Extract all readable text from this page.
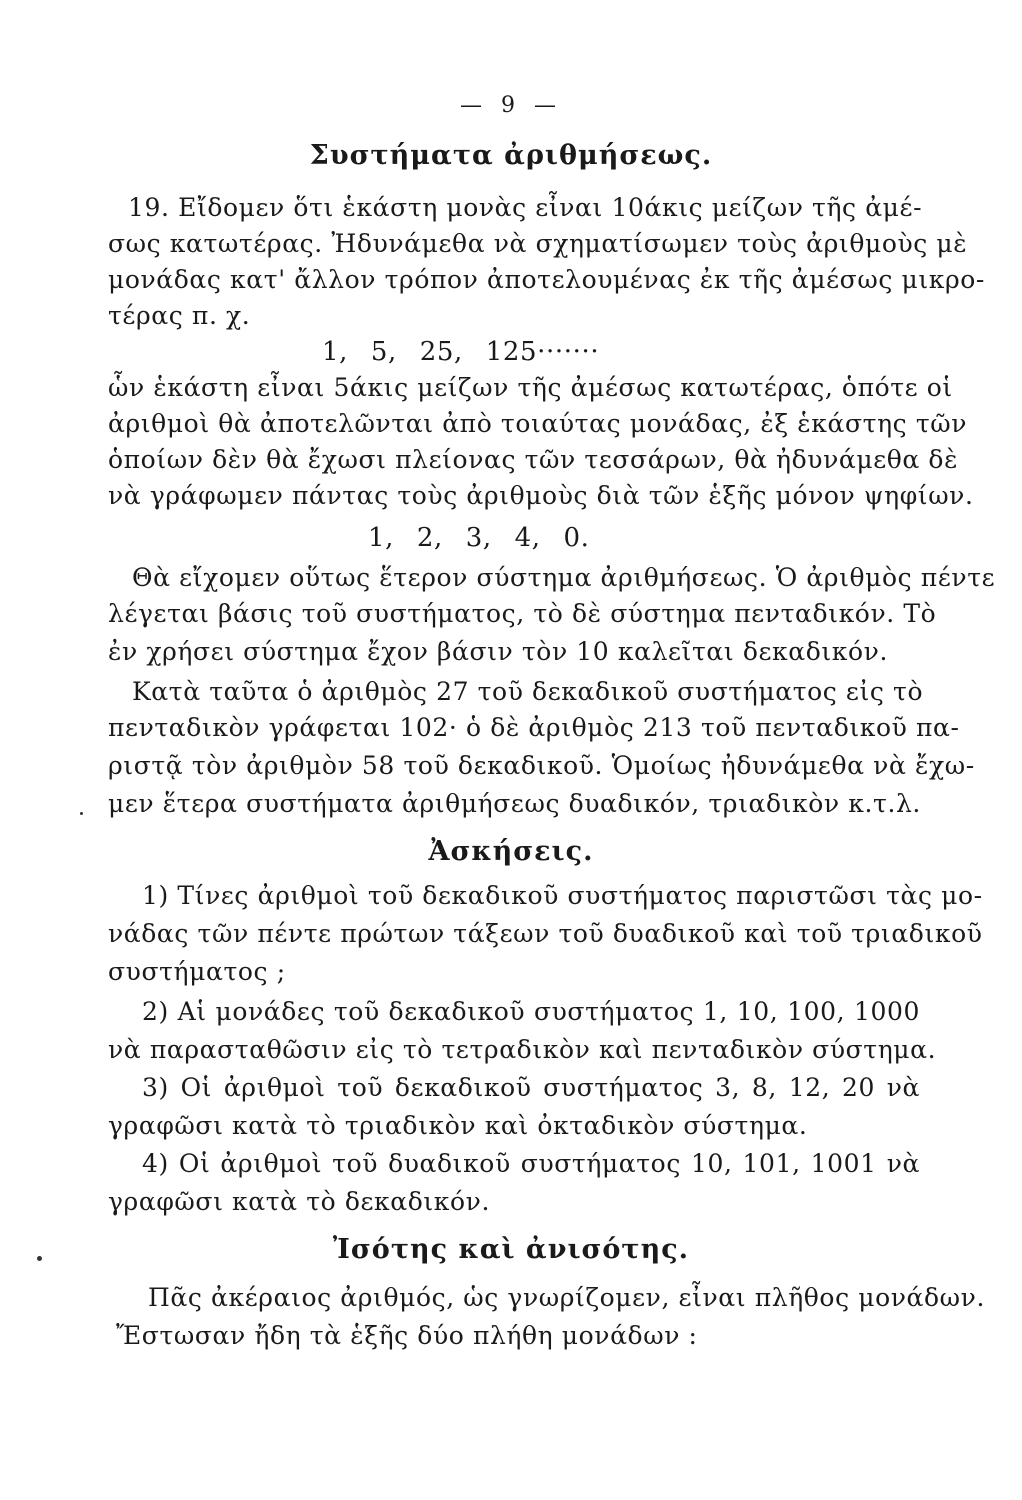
— 9 —
Συστήματα ἀριθμήσεως.
19. Εἴδομεν ὅτι ἑκάστη μονὰς εἶναι 10άκις μείζων τῆς ἀμέ-
σως κατωτέρας. Ἠδυνάμεθα νὰ σχηματίσωμεν τοὺς ἀριθμοὺς μὲ
μονάδας κατ' ἄλλον τρόπον ἀποτελουμένας ἐκ τῆς ἀμέσως μικρο-
τέρας π. χ.
1, 5, 25, 125·······
ὧν ἑκάστη εἶναι 5άκις μείζων τῆς ἀμέσως κατωτέρας, ὁπότε οἱ
ἀριθμοὶ θὰ ἀποτελῶνται ἀπὸ τοιαύτας μονάδας, ἐξ ἑκάστης τῶν
ὁποίων δὲν θὰ ἔχωσι πλείονας τῶν τεσσάρων, θὰ ἠδυνάμεθα δὲ
νὰ γράφωμεν πάντας τοὺς ἀριθμοὺς διὰ τῶν ἑξῆς μόνον ψηφίων.
1, 2, 3, 4, 0.
Θὰ εἴχομεν οὕτως ἕτερον σύστημα ἀριθμήσεως. Ὁ ἀριθμὸς πέντε
λέγεται βάσις τοῦ συστήματος, τὸ δὲ σύστημα πενταδικόν. Τὸ
ἐν χρήσει σύστημα ἔχον βάσιν τὸν 10 καλεῖται δεκαδικόν.
Κατὰ ταῦτα ὁ ἀριθμὸς 27 τοῦ δεκαδικοῦ συστήματος εἰς τὸ
πενταδικὸν γράφεται 102· ὁ δὲ ἀριθμὸς 213 τοῦ πενταδικοῦ πα-
ριστᾷ τὸν ἀριθμὸν 58 τοῦ δεκαδικοῦ. Ὁμοίως ἠδυνάμεθα νὰ ἔχω-
μεν ἕτερα συστήματα ἀριθμήσεως δυαδικόν, τριαδικὸν κ.τ.λ.
Ἀσκήσεις.
1) Τίνες ἀριθμοὶ τοῦ δεκαδικοῦ συστήματος παριστῶσι τὰς μο-
νάδας τῶν πέντε πρώτων τάξεων τοῦ δυαδικοῦ καὶ τοῦ τριαδικοῦ
συστήματος ;
2) Αἱ μονάδες τοῦ δεκαδικοῦ συστήματος 1, 10, 100, 1000
νὰ παρασταθῶσιν εἰς τὸ τετραδικὸν καὶ πενταδικὸν σύστημα.
3) Οἱ ἀριθμοὶ τοῦ δεκαδικοῦ συστήματος 3, 8, 12, 20 νὰ
γραφῶσι κατὰ τὸ τριαδικὸν καὶ ὀκταδικὸν σύστημα.
4) Οἱ ἀριθμοὶ τοῦ δυαδικοῦ συστήματος 10, 101, 1001 νὰ
γραφῶσι κατὰ τὸ δεκαδικόν.
Ἰσότης καὶ ἀνισότης.
Πᾶς ἀκέραιος ἀριθμός, ὡς γνωρίζομεν, εἶναι πλῆθος μονάδων.
Ἔστωσαν ἤδη τὰ ἑξῆς δύο πλήθη μονάδων :
